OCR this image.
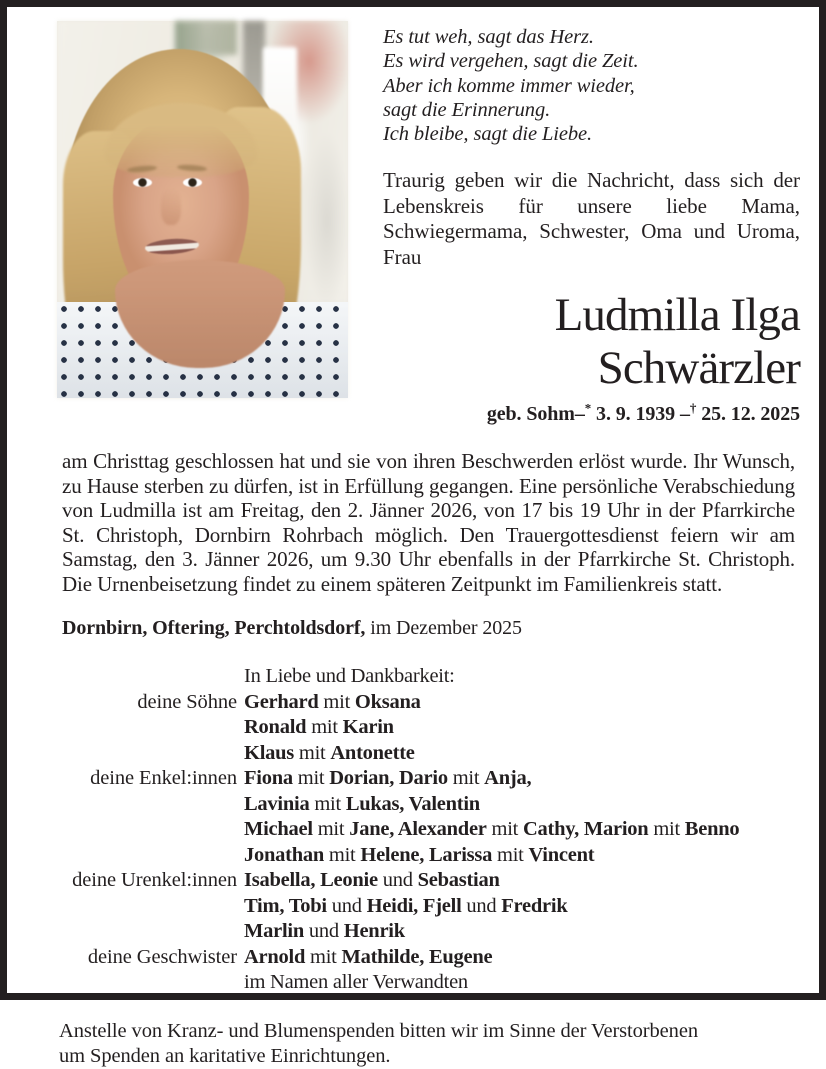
Es tut weh, sagt das Herz.
Es wird vergehen, sagt die Zeit.
Aber ich komme immer wieder,
sagt die Erinnerung.
Ich bleibe, sagt die Liebe.
Traurig geben wir die Nachricht, dass sich der Lebenskreis für unsere liebe Mama, Schwiegermama, Schwester, Oma und Uroma, Frau
Ludmilla Ilga
Schwärzler
geb. Sohm–* 3. 9. 1939 –† 25. 12. 2025
am Christtag geschlossen hat und sie von ihren Beschwerden erlöst wurde. Ihr Wunsch, zu Hause sterben zu dürfen, ist in Erfüllung gegangen. Eine persönliche Verabschiedung von Ludmilla ist am Freitag, den 2. Jänner 2026, von 17 bis 19 Uhr in der Pfarrkirche St. Christoph, Dornbirn Rohrbach möglich. Den Trauergottesdienst feiern wir am Samstag, den 3. Jänner 2026, um 9.30 Uhr ebenfalls in der Pfarrkirche St. Christoph. Die Urnenbeisetzung findet zu einem späteren Zeitpunkt im Familienkreis statt.
Dornbirn, Oftering, Perchtoldsdorf, im Dezember 2025
In Liebe und Dankbarkeit:
deine Söhne Gerhard mit Oksana
Ronald mit Karin
Klaus mit Antonette
deine Enkel:innen Fiona mit Dorian, Dario mit Anja,
Lavinia mit Lukas, Valentin
Michael mit Jane, Alexander mit Cathy, Marion mit Benno
Jonathan mit Helene, Larissa mit Vincent
deine Urenkel:innen Isabella, Leonie und Sebastian
Tim, Tobi und Heidi, Fjell und Fredrik
Marlin und Henrik
deine Geschwister Arnold mit Mathilde, Eugene
im Namen aller Verwandten
Anstelle von Kranz- und Blumenspenden bitten wir im Sinne der Verstorbenen
um Spenden an karitative Einrichtungen.
